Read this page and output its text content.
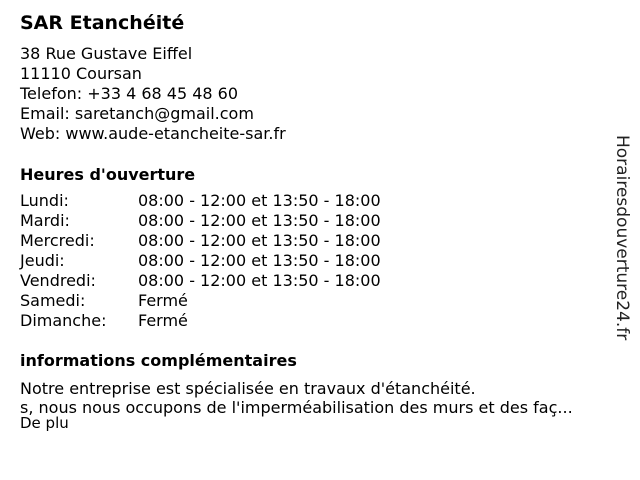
SAR Etanchéité
38 Rue Gustave Eiffel
11110 Coursan
Telefon: +33 4 68 45 48 60
Email: saretanch@gmail.com
Web: www.aude-etancheite-sar.fr
Heures d'ouverture
Lundi:	08:00 - 12:00 et 13:50 - 18:00
Mardi:	08:00 - 12:00 et 13:50 - 18:00
Mercredi:	08:00 - 12:00 et 13:50 - 18:00
Jeudi:	08:00 - 12:00 et 13:50 - 18:00
Vendredi:	08:00 - 12:00 et 13:50 - 18:00
Samedi:	Fermé
Dimanche:	Fermé
informations complémentaires
Notre entreprise est spécialisée en travaux d'étanchéité.
s, nous nous occupons de l'imperméabilisation des murs et des faç...
De plu
Horairesdouverture24.fr
